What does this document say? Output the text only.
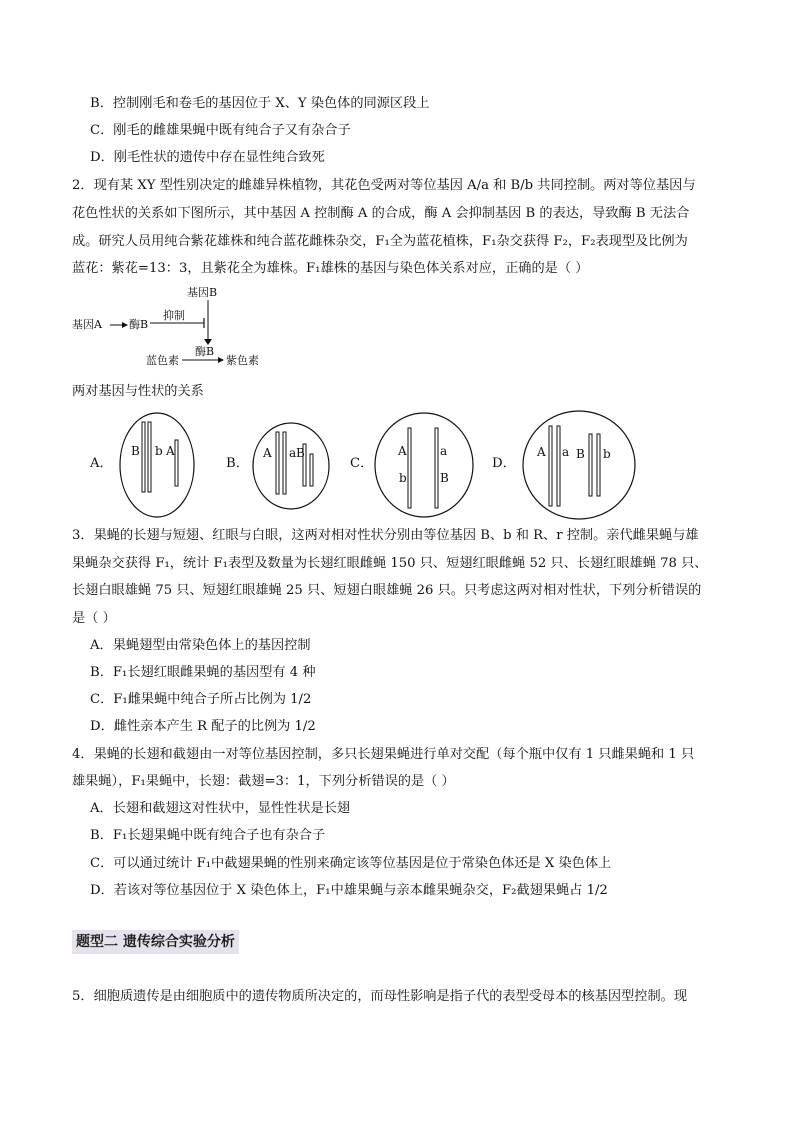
B．控制刚毛和卷毛的基因位于 X、Y 染色体的同源区段上
C．刚毛的雌雄果蝇中既有纯合子又有杂合子
D．刚毛性状的遗传中存在显性纯合致死
2．现有某 XY 型性别决定的雌雄异株植物，其花色受两对等位基因 A/a 和 B/b 共同控制。两对等位基因与
花色性状的关系如下图所示，其中基因 A 控制酶 A 的合成，酶 A 会抑制基因 B 的表达，导致酶 B 无法合
成。研究人员用纯合紫花雄株和纯合蓝花雌株杂交，F₁全为蓝花植株，F₁杂交获得 F₂，F₂表现型及比例为
蓝花：紫花=13：3，且紫花全为雄株。F₁雄株的基因与染色体关系对应，正确的是（ ）
基因B
基因A 酶B
抑制
蓝色素
酶B
紫色素
两对基因与性状的关系
A．
B b A
B．
A a B
C．
A	a
b	B
D．
A a B b
3．果蝇的长翅与短翅、红眼与白眼，这两对相对性状分别由等位基因 B、b 和 R、r 控制。亲代雌果蝇与雄
果蝇杂交获得 F₁，统计 F₁表型及数量为长翅红眼雌蝇 150 只、短翅红眼雌蝇 52 只、长翅红眼雄蝇 78 只、
长翅白眼雄蝇 75 只、短翅红眼雄蝇 25 只、短翅白眼雄蝇 26 只。只考虑这两对相对性状，下列分析错误的
是（ ）
A．果蝇翅型由常染色体上的基因控制
B．F₁长翅红眼雌果蝇的基因型有 4 种
C．F₁雌果蝇中纯合子所占比例为 1/2
D．雌性亲本产生 R 配子的比例为 1/2
4．果蝇的长翅和截翅由一对等位基因控制，多只长翅果蝇进行单对交配（每个瓶中仅有 1 只雌果蝇和 1 只
雄果蝇），F₁果蝇中，长翅：截翅=3：1，下列分析错误的是（ ）
A．长翅和截翅这对性状中，显性性状是长翅
B．F₁长翅果蝇中既有纯合子也有杂合子
C．可以通过统计 F₁中截翅果蝇的性别来确定该等位基因是位于常染色体还是 X 染色体上
D．若该对等位基因位于 X 染色体上，F₁中雄果蝇与亲本雌果蝇杂交，F₂截翅果蝇占 1/2
题型二 遗传综合实验分析
5．细胞质遗传是由细胞质中的遗传物质所决定的，而母性影响是指子代的表型受母本的核基因型控制。现
